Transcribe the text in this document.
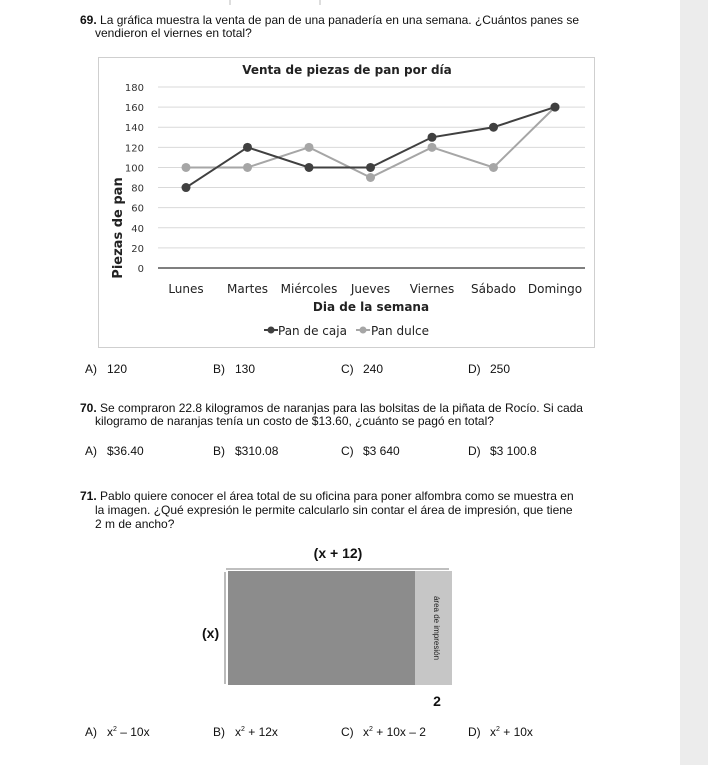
69. La gráfica muestra la venta de pan de una panadería en una semana. ¿Cuántos panes se
vendieron el viernes en total?
Venta de piezas de pan por día
0
20
40
60
80
100
120
140
160
180
Piezas de pan
Lunes Martes Miércoles Jueves Viernes Sábado Domingo
Dia de la semana
Pan de caja Pan dulce
A) 120	B) 130	C) 240	D) 250
70. Se compraron 22.8 kilogramos de naranjas para las bolsitas de la piñata de Rocío. Si cada
kilogramo de naranjas tenía un costo de $13.60, ¿cuánto se pagó en total?
A) $36.40	B) $310.08	C) $3 640	D) $3 100.8
71. Pablo quiere conocer el área total de su oficina para poner alfombra como se muestra en
la imagen. ¿Qué expresión le permite calcularlo sin contar el área de impresión, que tiene
2 m de ancho?
(x + 12)
área de impresión
(x)
2
A) $x^2 - 10x$	B) $x^2 + 12x$	C) $x^2 + 10x - 2$	D) $x^2 + 10x$
